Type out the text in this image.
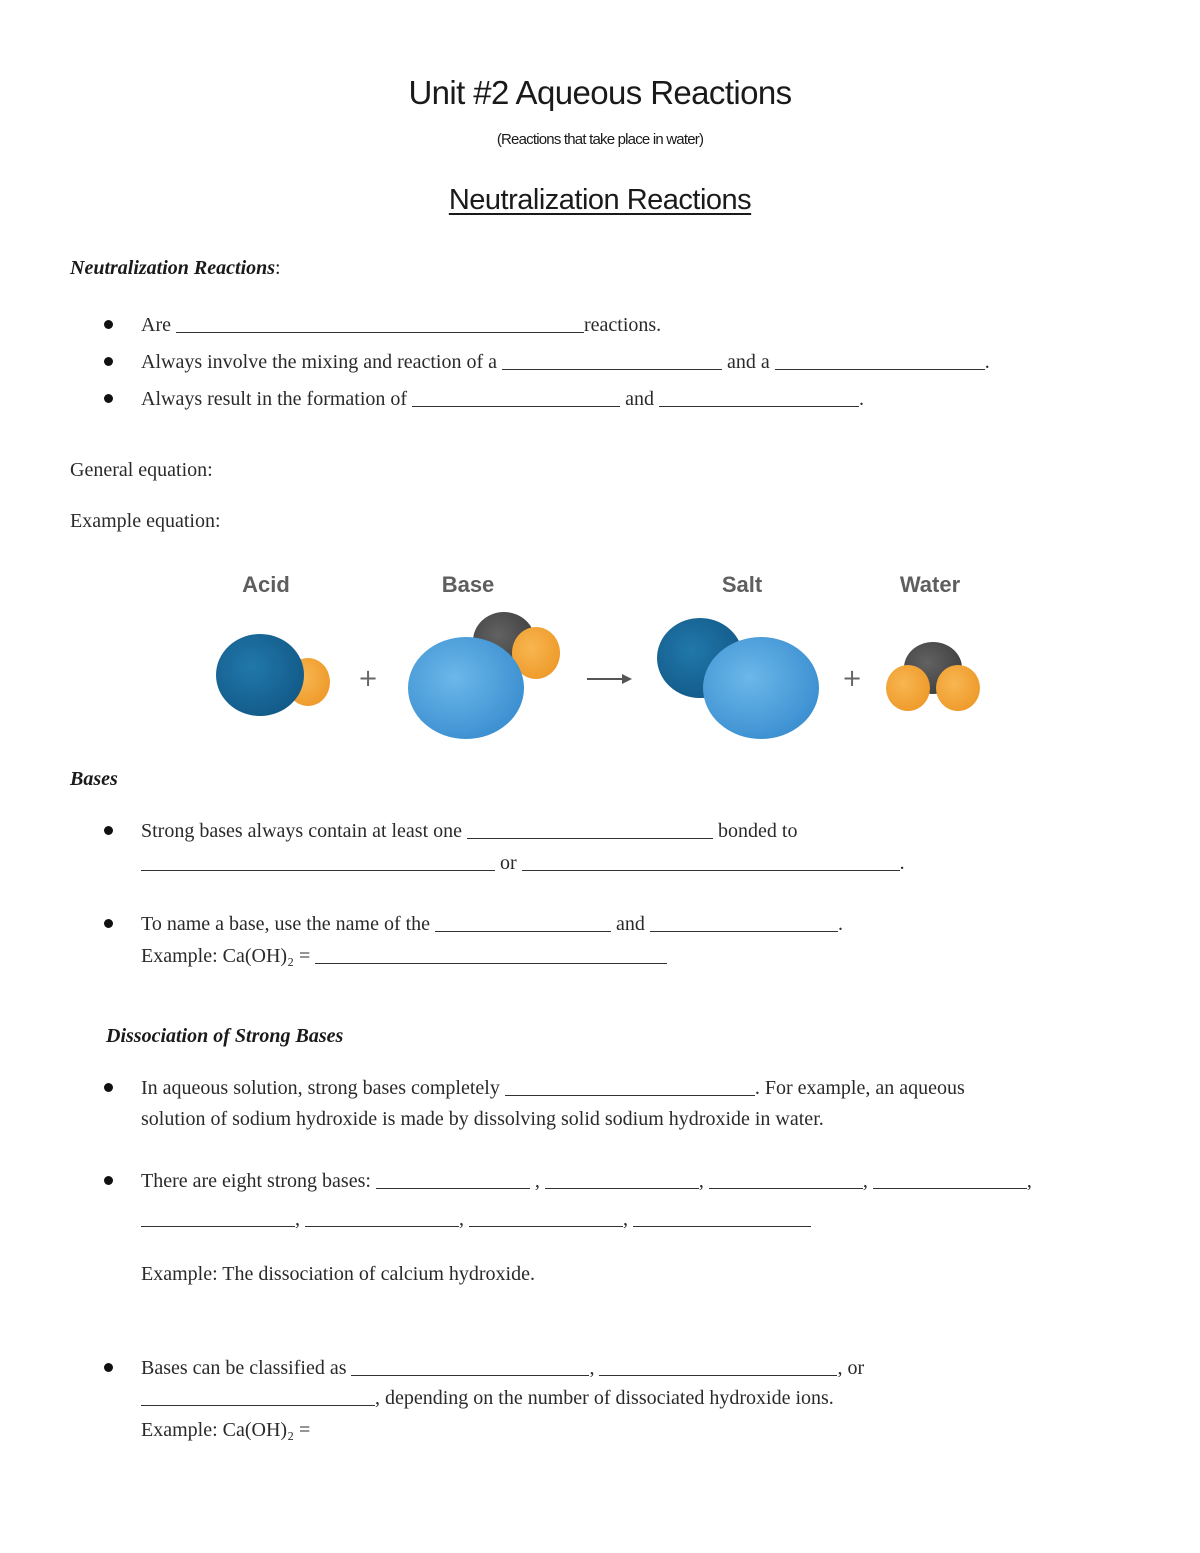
Unit #2 Aqueous Reactions
(Reactions that take place in water)
Neutralization Reactions
Neutralization Reactions:
Are	reactions.
Always involve the mixing and reaction of a	and a	.
Always result in the formation of	and	.
General equation:
Example equation:
Acid	Base	Salt	Water
+	+
Bases
Strong bases always contain at least one	bonded to
or	.
To name a base, use the name of the	and	.
Example: Ca(OH)₂ =
Dissociation of Strong Bases
In aqueous solution, strong bases completely	. For example, an aqueous
solution of sodium hydroxide is made by dissolving solid sodium hydroxide in water.
There are eight strong bases:	,	,	,	,
,	,	,
Example: The dissociation of calcium hydroxide.
Bases can be classified as	,	, or
, depending on the number of dissociated hydroxide ions.
Example: Ca(OH)₂ =
